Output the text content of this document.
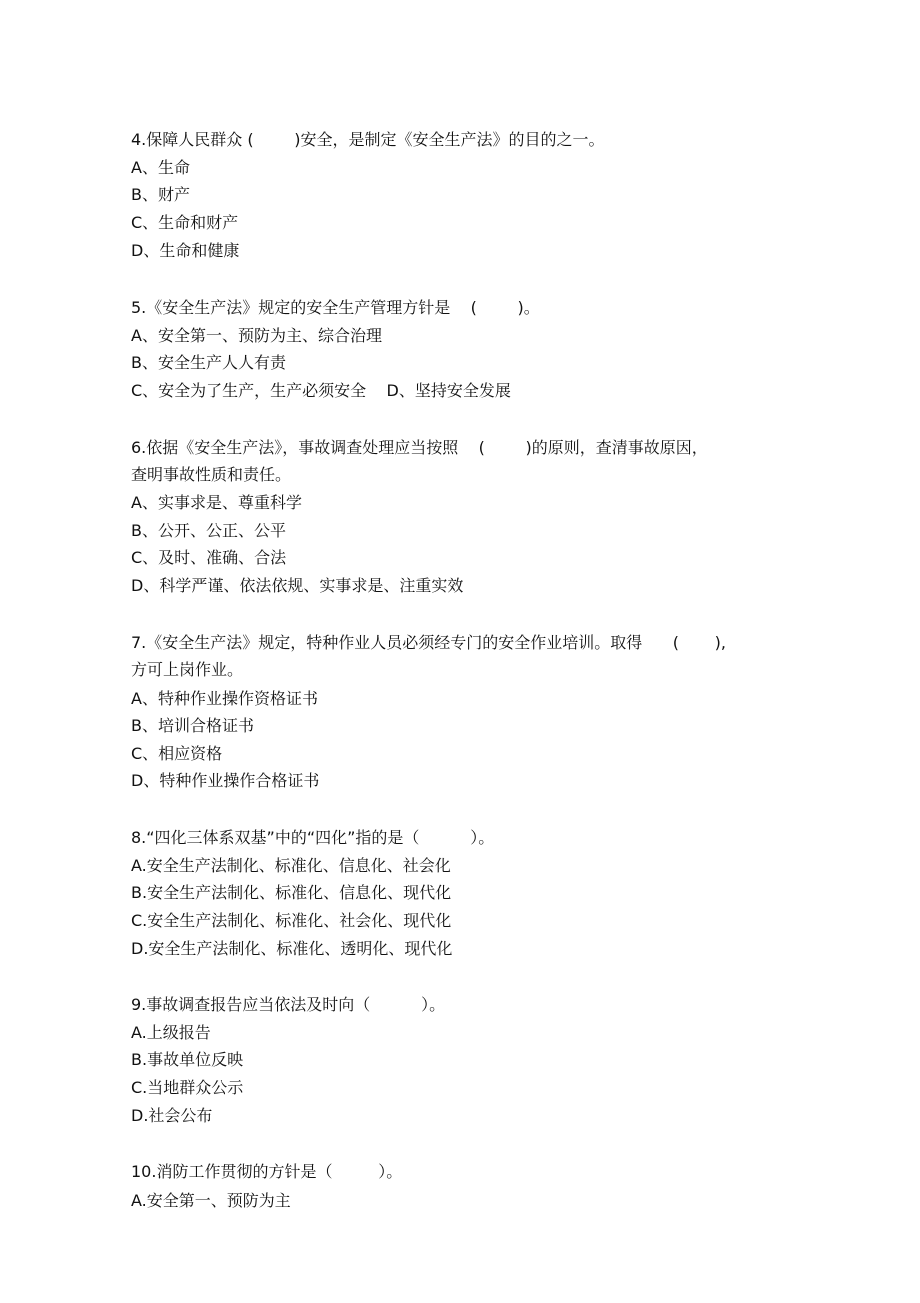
4.保障人民群众 (        )安全，是制定《安全生产法》的目的之一。
A、生命
B、财产
C、生命和财产
D、生命和健康
5.《安全生产法》规定的安全生产管理方针是    (        )。
A、安全第一、预防为主、综合治理
B、安全生产人人有责
C、安全为了生产，生产必须安全    D、坚持安全发展
6.依据《安全生产法》，事故调查处理应当按照    (        )的原则，查清事故原因，
查明事故性质和责任。
A、实事求是、尊重科学
B、公开、公正、公平
C、及时、准确、合法
D、科学严谨、依法依规、实事求是、注重实效
7.《安全生产法》规定，特种作业人员必须经专门的安全作业培训。取得      (       ),
方可上岗作业。
A、特种作业操作资格证书
B、培训合格证书
C、相应资格
D、特种作业操作合格证书
8.“四化三体系双基”中的“四化”指的是（          ）。
A.安全生产法制化、标准化、信息化、社会化
B.安全生产法制化、标准化、信息化、现代化
C.安全生产法制化、标准化、社会化、现代化
D.安全生产法制化、标准化、透明化、现代化
9.事故调查报告应当依法及时向（          ）。
A.上级报告
B.事故单位反映
C.当地群众公示
D.社会公布
10.消防工作贯彻的方针是（         ）。
A.安全第一、预防为主
